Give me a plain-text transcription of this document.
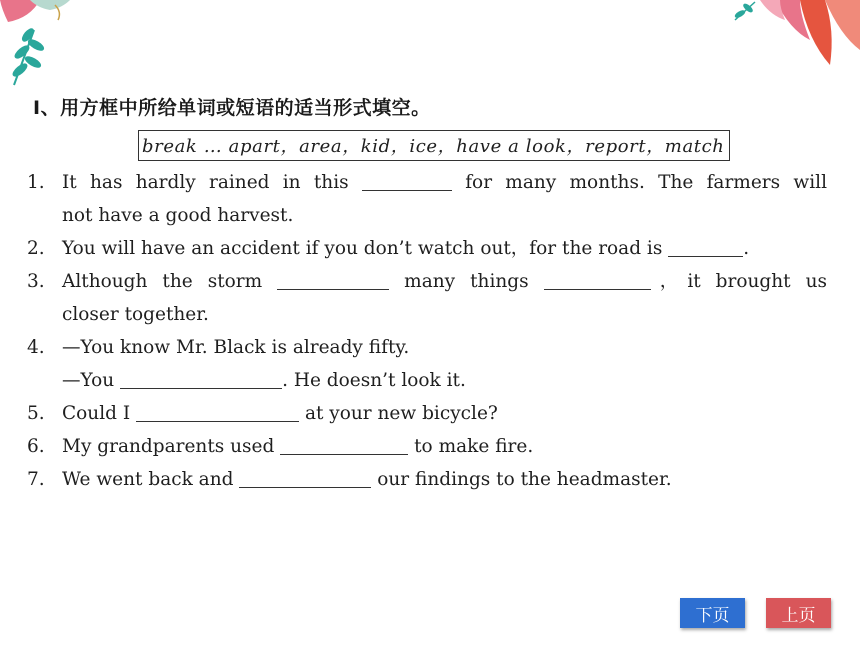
Ⅰ、用方框中所给单词或短语的适当形式填空。
break … apart，area，kid，ice，have a look，report，match
1. It has hardly rained in this	for many months. The farmers will
not have a good harvest.
2. You will have an accident if you don’t watch out，for the road is	.
3. Although the storm	many things	，it brought us
closer together.
4. —You know Mr. Black is already fifty.
—You	. He doesn’t look it.
5. Could I	at your new bicycle?
6. My grandparents used	to make fire.
7. We went back and	our findings to the headmaster.
下页	上页
